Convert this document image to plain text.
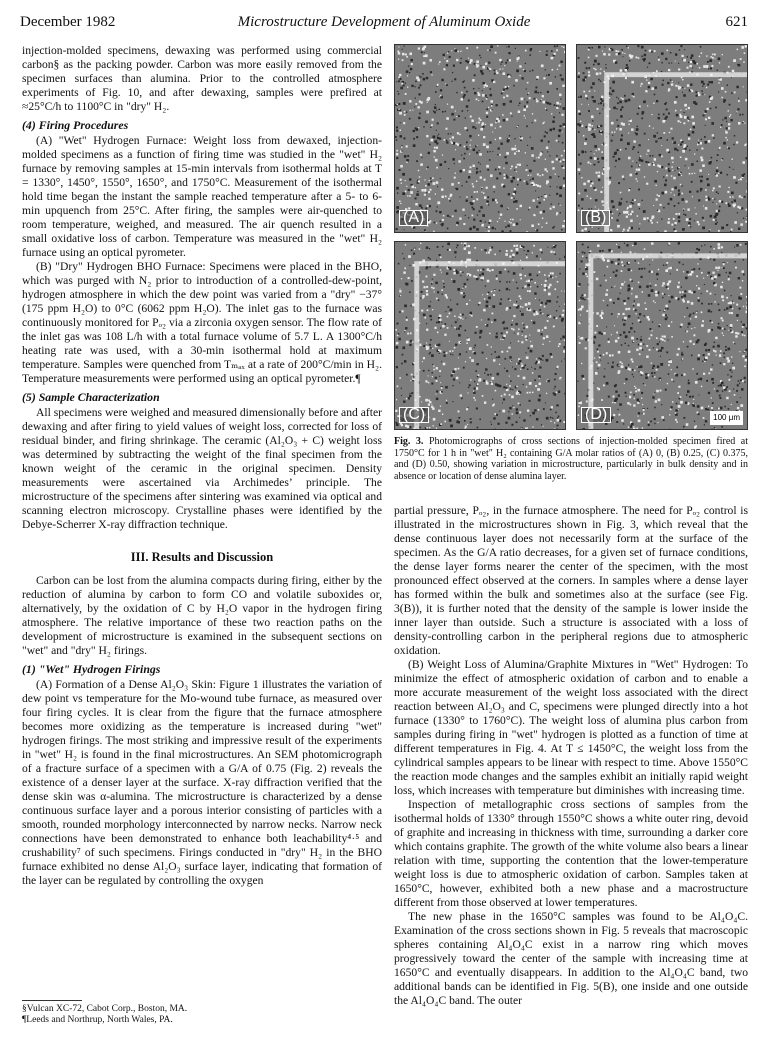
December 1982	Microstructure Development of Aluminum Oxide	621

injection-molded specimens, dewaxing was performed using commercial carbon§ as the packing powder. Carbon was more easily removed from the specimen surfaces than alumina. Prior to the controlled atmosphere experiments of Fig. 10, and after dewaxing, samples were prefired at ≈25°C/h to 1100°C in "dry" H₂.

(4) Firing Procedures

(A) "Wet" Hydrogen Furnace: Weight loss from dewaxed, injection-molded specimens as a function of firing time was studied in the "wet" H₂ furnace by removing samples at 15-min intervals from isothermal holds at T = 1330°, 1450°, 1550°, 1650°, and 1750°C. Measurement of the isothermal hold time began the instant the sample reached temperature after a 5- to 6-min upquench from 25°C. After firing, the samples were air-quenched to room temperature, weighed, and measured. The air quench resulted in a small oxidative loss of carbon. Temperature was measured in the "wet" H₂ furnace using an optical pyrometer.

(B) "Dry" Hydrogen BHO Furnace: Specimens were placed in the BHO, which was purged with N₂ prior to introduction of a controlled-dew-point, hydrogen atmosphere in which the dew point was varied from a "dry" −37° (175 ppm H₂O) to 0°C (6062 ppm H₂O). The inlet gas to the furnace was continuously monitored for Pₒ₂ via a zirconia oxygen sensor. The flow rate of the inlet gas was 108 L/h with a total furnace volume of 5.7 L. A 1300°C/h heating rate was used, with a 30-min isothermal hold at maximum temperature. Samples were quenched from Tₘₐₓ at a rate of 200°C/min in H₂. Temperature measurements were performed using an optical pyrometer.¶

(5) Sample Characterization

All specimens were weighed and measured dimensionally before and after dewaxing and after firing to yield values of weight loss, corrected for loss of residual binder, and firing shrinkage. The ceramic (Al₂O₃ + C) weight loss was determined by subtracting the weight of the final specimen from the known weight of the ceramic in the original specimen. Density measurements were ascertained via Archimedes’ principle. The microstructure of the specimens after sintering was examined via optical and scanning electron microscopy. Crystalline phases were identified by the Debye-Scherrer X-ray diffraction technique.

III. Results and Discussion

Carbon can be lost from the alumina compacts during firing, either by the reduction of alumina by carbon to form CO and volatile suboxides or, alternatively, by the oxidation of C by H₂O vapor in the hydrogen firing atmosphere. The relative importance of these two reaction paths on the development of microstructure is examined in the subsequent sections on "wet" and "dry" H₂ firings.

(1) "Wet" Hydrogen Firings

(A) Formation of a Dense Al₂O₃ Skin: Figure 1 illustrates the variation of dew point vs temperature for the Mo-wound tube furnace, as measured over four firing cycles. It is clear from the figure that the furnace atmosphere becomes more oxidizing as the temperature is increased during "wet" hydrogen firings. The most striking and impressive result of the experiments in "wet" H₂ is found in the final microstructures. An SEM photomicrograph of a fracture surface of a specimen with a G/A of 0.75 (Fig. 2) reveals the existence of a denser layer at the surface. X-ray diffraction verified that the dense skin was α-alumina. The microstructure is characterized by a dense continuous surface layer and a porous interior consisting of particles with a smooth, rounded morphology interconnected by narrow necks. Narrow neck connections have been demonstrated to enhance both leachability⁴·⁵ and crushability⁷ of such specimens. Firings conducted in "dry" H₂ in the BHO furnace exhibited no dense Al₂O₃ surface layer, indicating that formation of the layer can be regulated by controlling the oxygen

§Vulcan XC-72, Cabot Corp., Boston, MA.
¶Leeds and Northrup, North Wales, PA.
(A)	(B)
(C)	(D)	100 μm
Fig. 3. Photomicrographs of cross sections of injection-molded specimen fired at 1750°C for 1 h in "wet" H₂ containing G/A molar ratios of (A) 0, (B) 0.25, (C) 0.375, and (D) 0.50, showing variation in microstructure, particularly in bulk density and in absence or location of dense alumina layer.

partial pressure, Pₒ₂, in the furnace atmosphere. The need for Pₒ₂ control is illustrated in the microstructures shown in Fig. 3, which reveal that the dense continuous layer does not necessarily form at the surface of the specimen. As the G/A ratio decreases, for a given set of furnace conditions, the dense layer forms nearer the center of the specimen, with the most pronounced effect observed at the corners. In samples where a dense layer has formed within the bulk and sometimes also at the surface (see Fig. 3(B)), it is further noted that the density of the sample is lower inside the inner layer than outside. Such a structure is associated with a loss of density-controlling carbon in the peripheral regions due to atmospheric oxidation.

(B) Weight Loss of Alumina/Graphite Mixtures in "Wet" Hydrogen: To minimize the effect of atmospheric oxidation of carbon and to enable a more accurate measurement of the weight loss associated with the direct reaction between Al₂O₃ and C, specimens were plunged directly into a hot furnace (1330° to 1760°C). The weight loss of alumina plus carbon from samples during firing in "wet" hydrogen is plotted as a function of time at different temperatures in Fig. 4. At T ≤ 1450°C, the weight loss from the cylindrical samples appears to be linear with respect to time. Above 1550°C the reaction mode changes and the samples exhibit an initially rapid weight loss, which increases with temperature but diminishes with increasing time.

Inspection of metallographic cross sections of samples from the isothermal holds of 1330° through 1550°C shows a white outer ring, devoid of graphite and increasing in thickness with time, surrounding a darker core which contains graphite. The growth of the white volume also bears a linear relation with time, supporting the contention that the lower-temperature weight loss is due to atmospheric oxidation of carbon. Samples taken at 1650°C, however, exhibited both a new phase and a macrostructure different from those observed at lower temperatures.

The new phase in the 1650°C samples was found to be Al₄O₄C. Examination of the cross sections shown in Fig. 5 reveals that macroscopic spheres containing Al₄O₄C exist in a narrow ring which moves progressively toward the center of the sample with increasing time at 1650°C and eventually disappears. In addition to the Al₄O₄C band, two additional bands can be identified in Fig. 5(B), one inside and one outside the Al₄O₄C band. The outer
